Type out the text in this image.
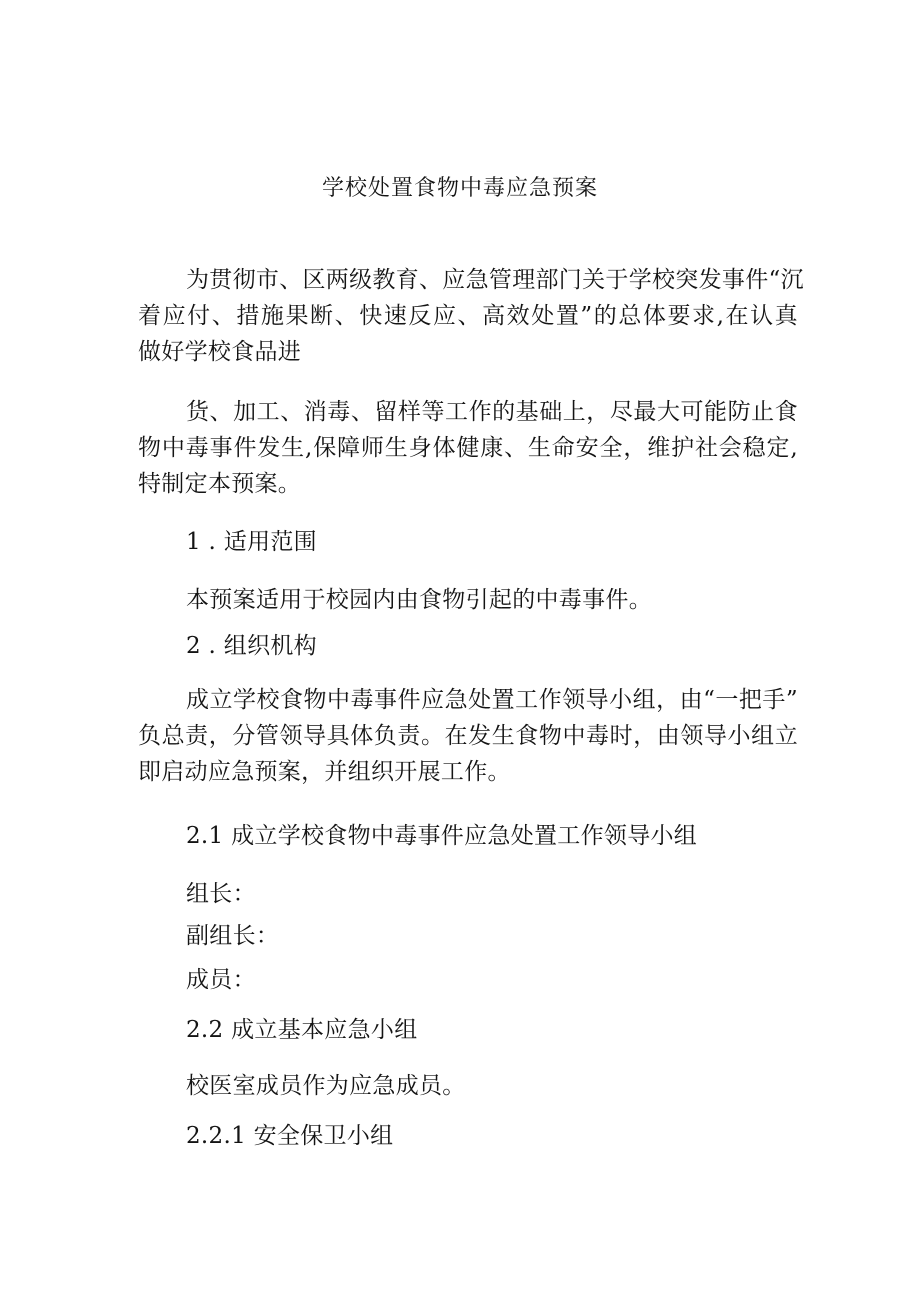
学校处置食物中毒应急预案
为贯彻市、区两级教育、应急管理部门关于学校突发事件“沉
着应付、措施果断、快速反应、高效处置”的总体要求,在认真
做好学校食品进
货、加工、消毒、留样等工作的基础上，尽最大可能防止食
物中毒事件发生,保障师生身体健康、生命安全，维护社会稳定,
特制定本预案。
1 . 适用范围
本预案适用于校园内由食物引起的中毒事件。
2 . 组织机构
成立学校食物中毒事件应急处置工作领导小组，由“一把手”
负总责，分管领导具体负责。在发生食物中毒时，由领导小组立
即启动应急预案，并组织开展工作。
2.1 成立学校食物中毒事件应急处置工作领导小组
组长：
副组长：
成员：
2.2 成立基本应急小组
校医室成员作为应急成员。
2.2.1 安全保卫小组
